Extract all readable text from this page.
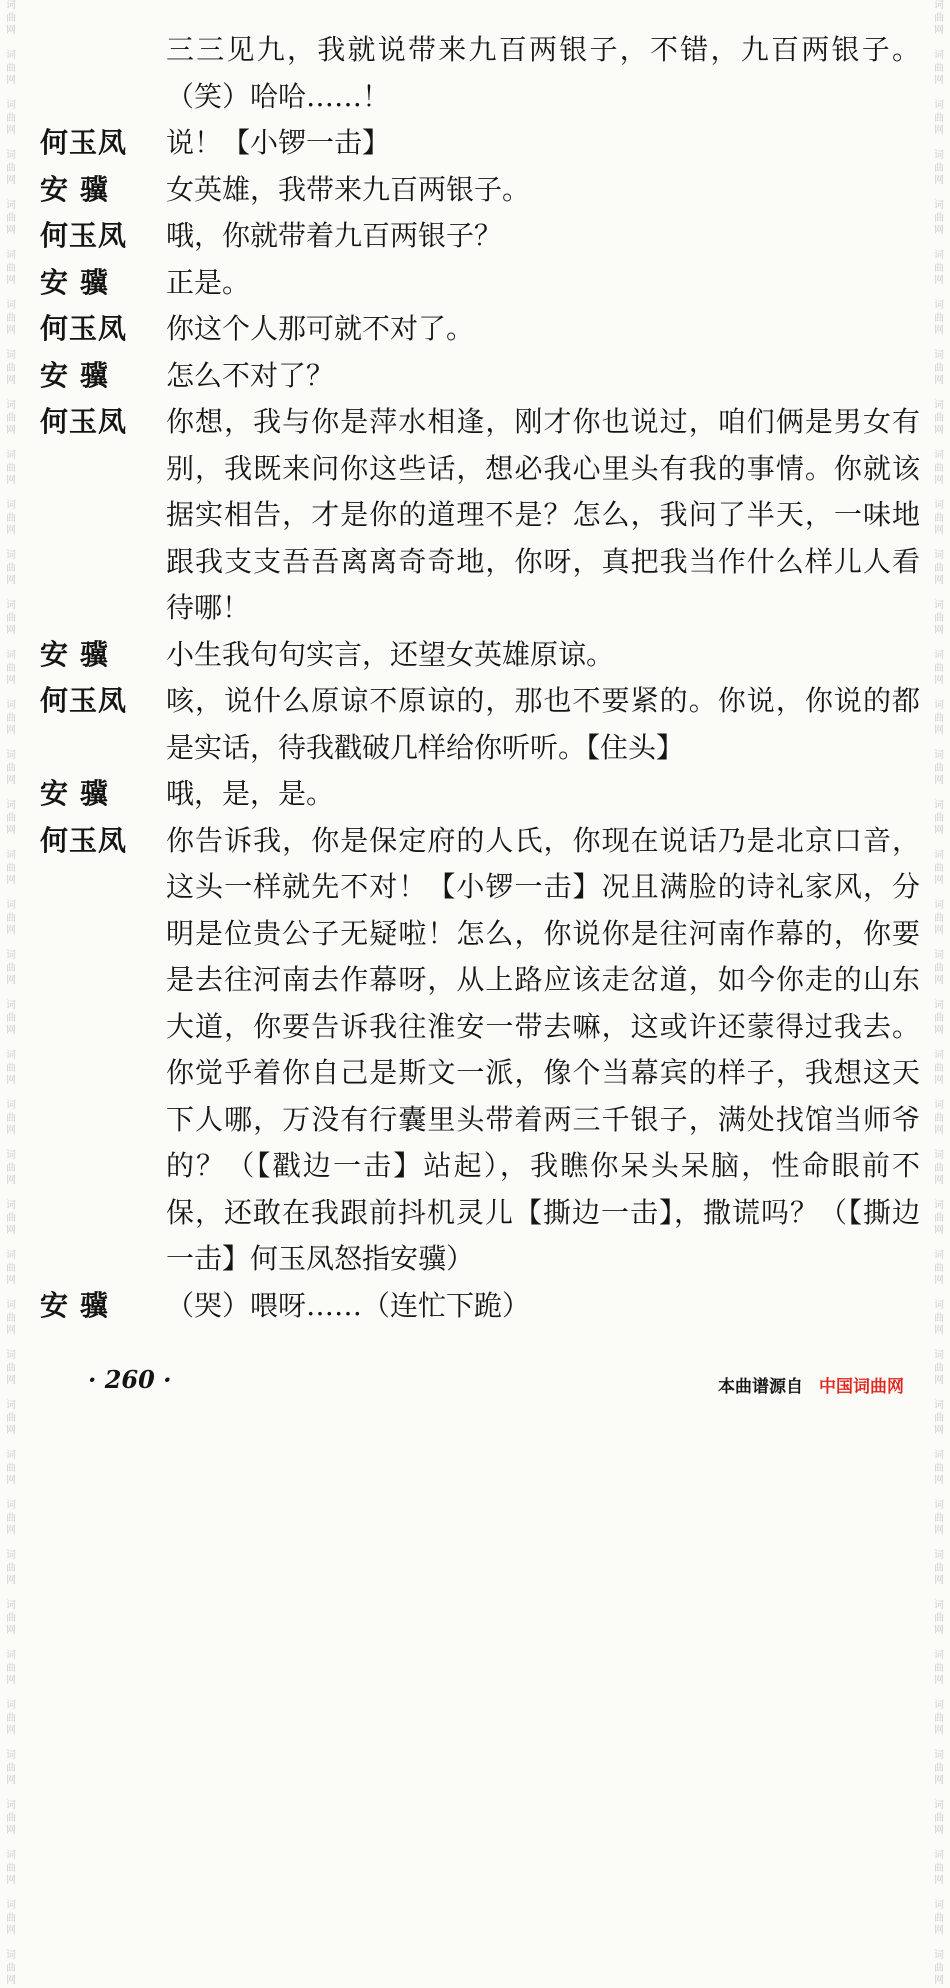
词
曲
网

词
曲
网

词
曲
网

词
曲
网

词
曲
网

词
曲
网

词
曲
网

词
曲
网

词
曲
网

词
曲
网

词
曲
网

词
曲
网

词
曲
网

词
曲
网

词
曲
网

词
曲
网

词
曲
网

词
曲
网

词
曲
网

词
曲
网

词
曲
网

词
曲
网

词
曲
网

词
曲
网

词
曲
网

词
曲
网

词
曲
网

词
曲
网

词
曲
网

词
曲
网

词
曲
网

词
曲
网

词
曲
网

词
曲
网

词
曲
网

词
曲
网

词
曲
网

词
曲
网

词
曲
网

词
曲
网
词
曲
网

词
曲
网

词
曲
网

词
曲
网

词
曲
网

词
曲
网

词
曲
网

词
曲
网

词
曲
网

词
曲
网

词
曲
网

词
曲
网

词
曲
网

词
曲
网

词
曲
网

词
曲
网

词
曲
网

词
曲
网

词
曲
网

词
曲
网

词
曲
网

词
曲
网

词
曲
网

词
曲
网

词
曲
网

词
曲
网

词
曲
网

词
曲
网

词
曲
网

词
曲
网

词
曲
网

词
曲
网

词
曲
网

词
曲
网

词
曲
网

词
曲
网

词
曲
网

词
曲
网

词
曲
网

词
曲
网
三三见九，我就说带来九百两银子，不错，九百两银子。（笑）哈哈……！
何玉凤	说！【小锣一击】
安 骥	女英雄，我带来九百两银子。
何玉凤	哦，你就带着九百两银子？
安 骥	正是。
何玉凤	你这个人那可就不对了。
安 骥	怎么不对了？
何玉凤	你想，我与你是萍水相逢，刚才你也说过，咱们俩是男女有别，我既来问你这些话，想必我心里头有我的事情。你就该据实相告，才是你的道理不是？怎么，我问了半天，一味地跟我支支吾吾离离奇奇地，你呀，真把我当作什么样儿人看待哪！
安 骥	小生我句句实言，还望女英雄原谅。
何玉凤	咳，说什么原谅不原谅的，那也不要紧的。你说，你说的都是实话，待我戳破几样给你听听。【住头】
安 骥	哦，是，是。
何玉凤	你告诉我，你是保定府的人氏，你现在说话乃是北京口音，这头一样就先不对！【小锣一击】况且满脸的诗礼家风，分明是位贵公子无疑啦！怎么，你说你是往河南作幕的，你要是去往河南去作幕呀，从上路应该走岔道，如今你走的山东大道，你要告诉我往淮安一带去嘛，这或许还蒙得过我去。你觉乎着你自己是斯文一派，像个当幕宾的样子，我想这天下人哪，万没有行囊里头带着两三千银子，满处找馆当师爷的？（【戳边一击】站起），我瞧你呆头呆脑，性命眼前不保，还敢在我跟前抖机灵儿【撕边一击】，撒谎吗？（【撕边一击】何玉凤怒指安骥）
安 骥	（哭）喂呀……（连忙下跪）
· 260 ·	本曲谱源自 中国词曲网
